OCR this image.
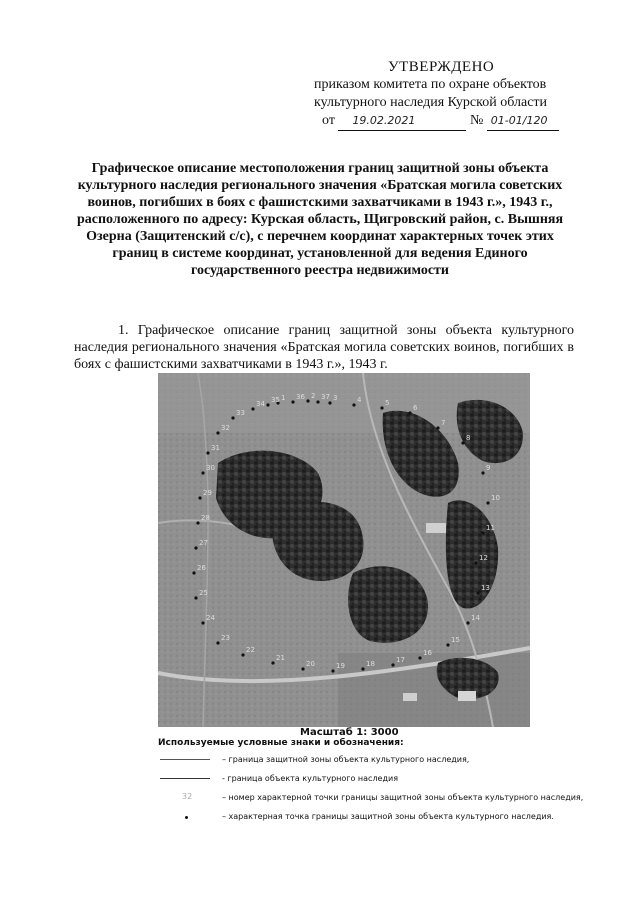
УТВЕРЖДЕНО
приказом комитета по охране объектов
культурного наследия Курской области
от 19.02.2021	№ 01-01/120
Графическое описание местоположения границ защитной зоны объекта культурного наследия регионального значения «Братская могила советских воинов, погибших в боях с фашистскими захватчиками в 1943 г.», 1943 г., расположенного по адресу: Курская область, Щигровский район, с. Вышняя Озерна (Защитенский с/с), с перечнем координат характерных точек этих границ в системе координат, установленной для ведения Единого государственного реестра недвижимости
1. Графическое описание границ защитной зоны объекта культурного наследия регионального значения «Братская могила советских воинов, погибших в боях с фашистскими захватчиками в 1943 г.», 1943 г.
1	2	3	4	5
6
7
8
9
10
11
12
13
14
15
16
17
18
19
20
21
22
23
24
25
26
27
28
29
30
31
32
33
34 35 36 37
Масштаб 1: 3000
Используемые условные знаки и обозначения:
– граница защитной зоны объекта культурного наследия,
- граница объекта культурного наследия
32	– номер характерной точки границы защитной зоны объекта культурного наследия,
– характерная точка границы защитной зоны объекта культурного наследия.
